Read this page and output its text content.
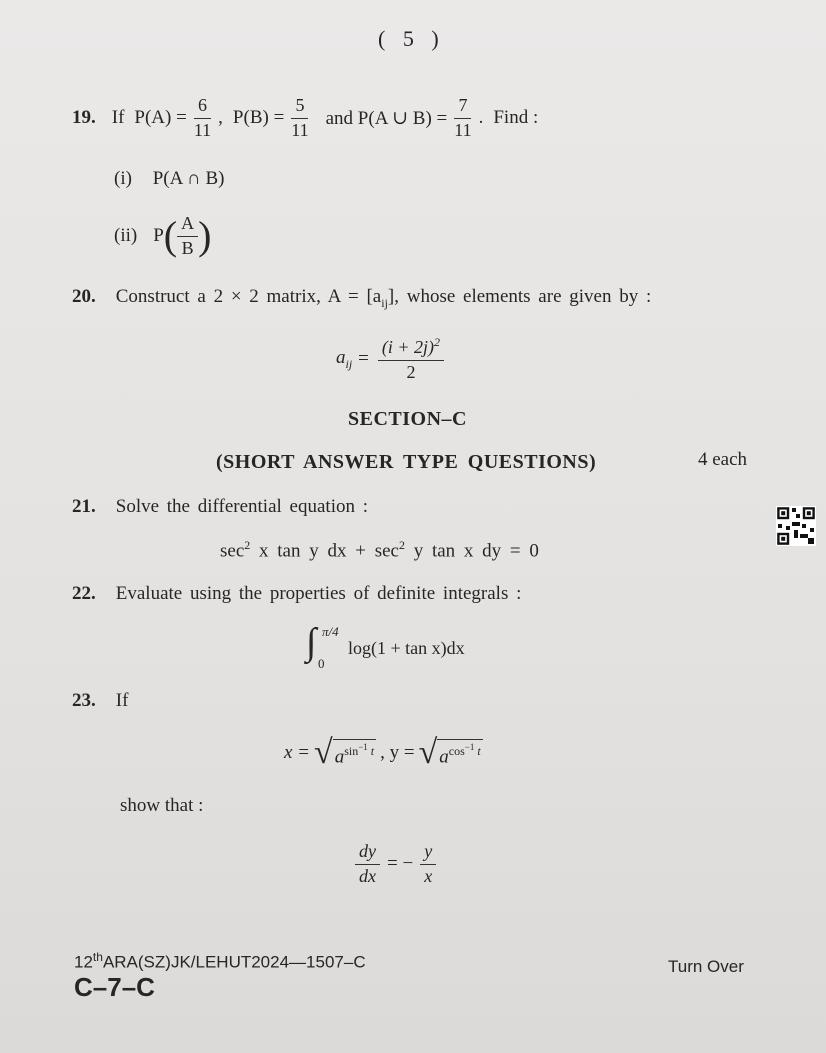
( 5 )
19. If $P(A) = \frac{6}{11}$ , $P(B) = \frac{5}{11}$ and P(A ∪ $B) = \frac{7}{11}$ . Find :
(i) P(A ∩ B)
(ii) P ( $\frac{A}{B}$ )
20. Construct a 2 × 2 matrix, $A = [a_{ij}]$, whose elements are given by :
$a_{ij} = \frac{(i + 2j)^2}{2}$
SECTION–C
(SHORT ANSWER TYPE QUESTIONS)	4 each
21. Solve the differential equation :
$\sec^2 x$ tan y dx + $\sec^2 y$ tan x dy = 0
22. Evaluate using the properties of definite integrals :
∫ π/4
0
log(1 + tan x)dx
23. If
x = √ $a^{sin^{-1} t}$ , y = √ $a^{cos^{-1} t}$
show that :
$\frac{dy}{dx}$ = − $\frac{y}{x}$
12thARA(SZ)JK/LEHUT2024—1507–C
C–7–C
Turn Over
